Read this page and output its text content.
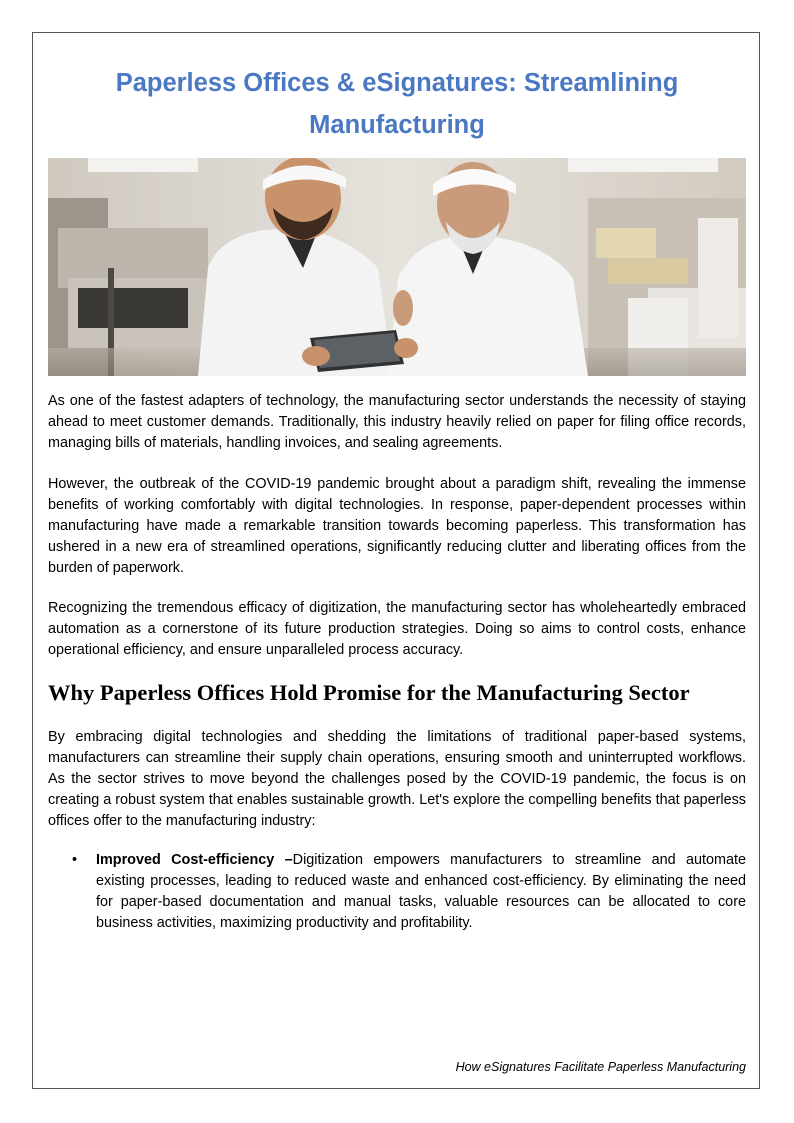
Paperless Offices & eSignatures: Streamlining Manufacturing

As one of the fastest adapters of technology, the manufacturing sector understands the necessity of staying ahead to meet customer demands. Traditionally, this industry heavily relied on paper for filing office records, managing bills of materials, handling invoices, and sealing agreements.

However, the outbreak of the COVID-19 pandemic brought about a paradigm shift, revealing the immense benefits of working comfortably with digital technologies. In response, paper-dependent processes within manufacturing have made a remarkable transition towards becoming paperless. This transformation has ushered in a new era of streamlined operations, significantly reducing clutter and liberating offices from the burden of paperwork.

Recognizing the tremendous efficacy of digitization, the manufacturing sector has wholeheartedly embraced automation as a cornerstone of its future production strategies. Doing so aims to control costs, enhance operational efficiency, and ensure unparalleled process accuracy.

Why Paperless Offices Hold Promise for the Manufacturing Sector

By embracing digital technologies and shedding the limitations of traditional paper-based systems, manufacturers can streamline their supply chain operations, ensuring smooth and uninterrupted workflows. As the sector strives to move beyond the challenges posed by the COVID-19 pandemic, the focus is on creating a robust system that enables sustainable growth. Let's explore the compelling benefits that paperless offices offer to the manufacturing industry:

• Improved Cost-efficiency –Digitization empowers manufacturers to streamline and automate existing processes, leading to reduced waste and enhanced cost-efficiency. By eliminating the need for paper-based documentation and manual tasks, valuable resources can be allocated to core business activities, maximizing productivity and profitability.
How eSignatures Facilitate Paperless Manufacturing
